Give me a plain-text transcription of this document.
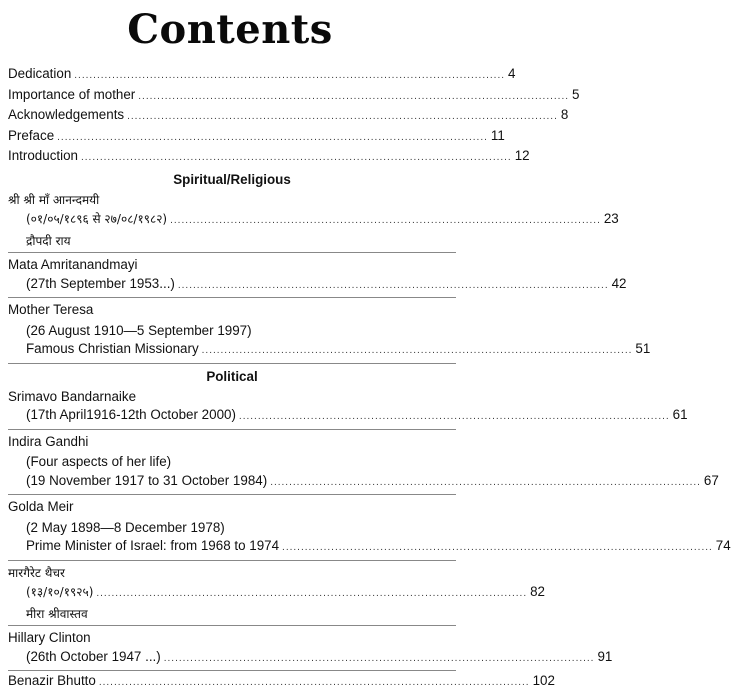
Contents
Dedication .................................................................................................................. 4
Importance of mother .................................................................................................................. 5
Acknowledgements .................................................................................................................. 8
Preface .................................................................................................................. 11
Introduction .................................................................................................................. 12
Spiritual/Religious
श्री श्री माँ आनन्दमयी
(०१/०५/१८९६ से २७/०८/१९८२) .................................................................................................................. 23
द्रौपदी राय
Mata Amritanandmayi
(27th September 1953...) .................................................................................................................. 42
Mother Teresa
(26 August 1910—5 September 1997)
Famous Christian Missionary .................................................................................................................. 51
Political
Srimavo Bandarnaike
(17th April1916-12th October 2000) .................................................................................................................. 61
Indira Gandhi
(Four aspects of her life)
(19 November 1917 to 31 October 1984) .................................................................................................................. 67
Golda Meir
(2 May 1898—8 December 1978)
Prime Minister of Israel: from 1968 to 1974 .................................................................................................................. 74
मारगैरेट थैचर
(१३/१०/१९२५) .................................................................................................................. 82
मीरा श्रीवास्तव
Hillary Clinton
(26th October 1947 ...) .................................................................................................................. 91
Benazir Bhutto .................................................................................................................. 102
